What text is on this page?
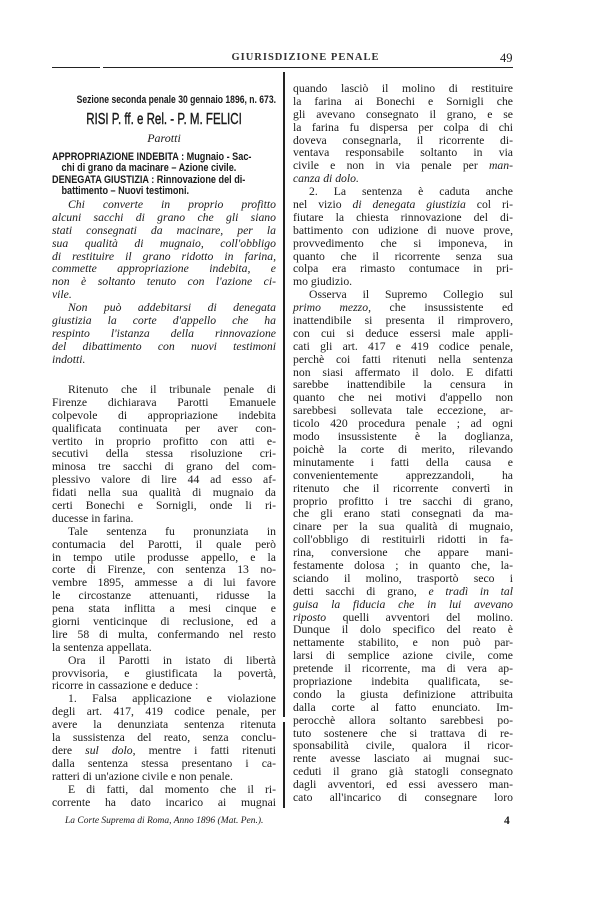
GIURISDIZIONE PENALE	49
Sezione seconda penale 30 gennaio 1896, n. 673.
RISI P. ff. e Rel. - P. M. FELICI
Parotti
APPROPRIAZIONE INDEBITA : Mugnaio - Sac-
chi di grano da macinare – Azione civile.
DENEGATA GIUSTIZIA : Rinnovazione del di-
battimento – Nuovi testimoni.
Chi converte in proprio profitto
alcuni sacchi di grano che gli siano
stati consegnati da macinare, per la
sua qualità di mugnaio, coll'obbligo
di restituire il grano ridotto in farina,
commette appropriazione indebita, e
non è soltanto tenuto con l'azione ci-
vile.
Non può addebitarsi di denegata
giustizia la corte d'appello che ha
respinto l'istanza della rinnovazione
del dibattimento con nuovi testimoni
indotti.
Ritenuto che il tribunale penale di
Firenze dichiarava Parotti Emanuele
colpevole di appropriazione indebita
qualificata continuata per aver con-
vertito in proprio profitto con atti e-
secutivi della stessa risoluzione cri-
minosa tre sacchi di grano del com-
plessivo valore di lire 44 ad esso af-
fidati nella sua qualità di mugnaio da
certi Bonechi e Sornigli, onde li ri-
ducesse in farina.
Tale sentenza fu pronunziata in
contumacia del Parotti, il quale però
in tempo utile produsse appello, e la
corte di Firenze, con sentenza 13 no-
vembre 1895, ammesse a di lui favore
le circostanze attenuanti, ridusse la
pena stata inflitta a mesi cinque e
giorni venticinque di reclusione, ed a
lire 58 di multa, confermando nel resto
la sentenza appellata.
Ora il Parotti in istato di libertà
provvisoria, e giustificata la povertà,
ricorre in cassazione e deduce :
1. Falsa applicazione e violazione
degli art. 417, 419 codice penale, per
avere la denunziata sentenza ritenuta
la sussistenza del reato, senza conclu-
dere sul dolo, mentre i fatti ritenuti
dalla sentenza stessa presentano i ca-
ratteri di un'azione civile e non penale.
E di fatti, dal momento che il ri-
corrente ha dato incarico ai mugnai
quando lasciò il molino di restituire
la farina ai Bonechi e Sornigli che
gli avevano consegnato il grano, e se
la farina fu dispersa per colpa di chi
doveva consegnarla, il ricorrente di-
ventava responsabile soltanto in via
civile e non in via penale per man-
canza di dolo.
2. La sentenza è caduta anche
nel vizio di denegata giustizia col ri-
fiutare la chiesta rinnovazione del di-
battimento con udizione di nuove prove,
provvedimento che si imponeva, in
quanto che il ricorrente senza sua
colpa era rimasto contumace in pri-
mo giudizio.
Osserva il Supremo Collegio sul
primo mezzo, che insussistente ed
inattendibile si presenta il rimprovero,
con cui si deduce essersi male appli-
cati gli art. 417 e 419 codice penale,
perchè coi fatti ritenuti nella sentenza
non siasi affermato il dolo. E difatti
sarebbe inattendibile la censura in
quanto che nei motivi d'appello non
sarebbesi sollevata tale eccezione, ar-
ticolo 420 procedura penale ; ad ogni
modo insussistente è la doglianza,
poichè la corte di merito, rilevando
minutamente i fatti della causa e
convenientemente apprezzandoli, ha
ritenuto che il ricorrente convertì in
proprio profitto i tre sacchi di grano,
che gli erano stati consegnati da ma-
cinare per la sua qualità di mugnaio,
coll'obbligo di restituirli ridotti in fa-
rina, conversione che appare mani-
festamente dolosa ; in quanto che, la-
sciando il molino, trasportò seco i
detti sacchi di grano, e tradì in tal
guisa la fiducia che in lui avevano
riposto quelli avventori del molino.
Dunque il dolo specifico del reato è
nettamente stabilito, e non può par-
larsi di semplice azione civile, come
pretende il ricorrente, ma di vera ap-
propriazione indebita qualificata, se-
condo la giusta definizione attribuita
dalla corte al fatto enunciato. Im-
perocchè allora soltanto sarebbesi po-
tuto sostenere che si trattava di re-
sponsabilità civile, qualora il ricor-
rente avesse lasciato ai mugnai suc-
ceduti il grano già statogli consegnato
dagli avventori, ed essi avessero man-
cato all'incarico di consegnare loro
La Corte Suprema di Roma, Anno 1896 (Mat. Pen.).	4
